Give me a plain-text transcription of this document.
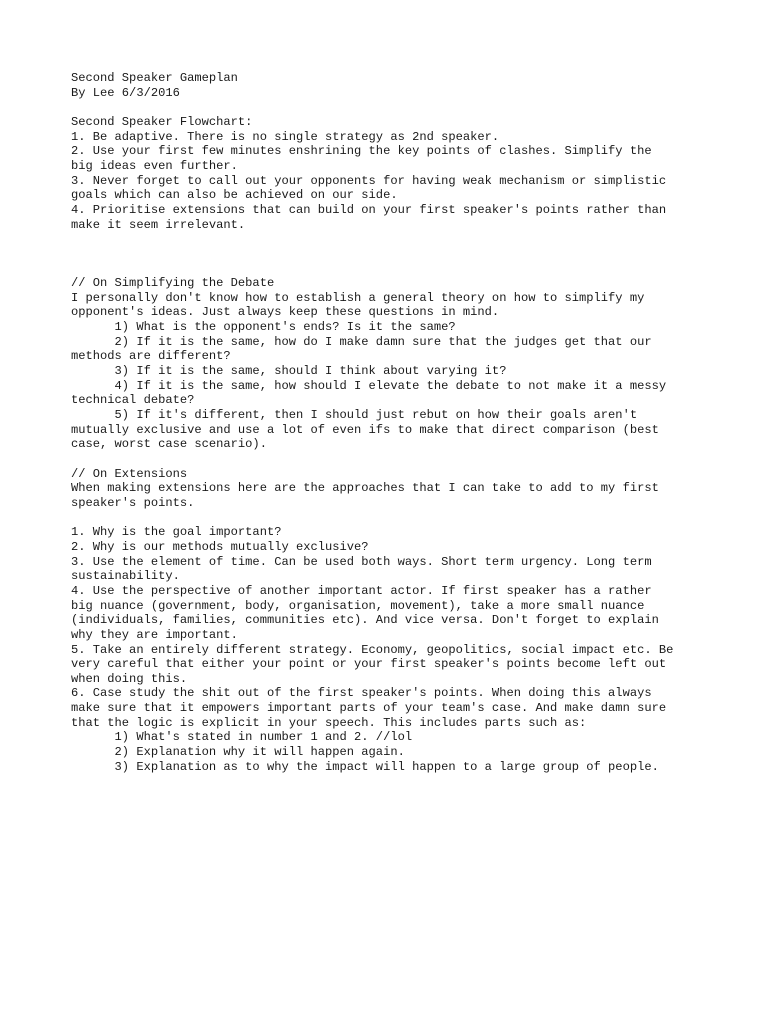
Second Speaker Gameplan
By Lee 6/3/2016
Second Speaker Flowchart:
1. Be adaptive. There is no single strategy as 2nd speaker.
2. Use your first few minutes enshrining the key points of clashes. Simplify the
big ideas even further.
3. Never forget to call out your opponents for having weak mechanism or simplistic
goals which can also be achieved on our side.
4. Prioritise extensions that can build on your first speaker's points rather than
make it seem irrelevant.
// On Simplifying the Debate
I personally don't know how to establish a general theory on how to simplify my
opponent's ideas. Just always keep these questions in mind.
1) What is the opponent's ends? Is it the same?
2) If it is the same, how do I make damn sure that the judges get that our
methods are different?
3) If it is the same, should I think about varying it?
4) If it is the same, how should I elevate the debate to not make it a messy
technical debate?
5) If it's different, then I should just rebut on how their goals aren't
mutually exclusive and use a lot of even ifs to make that direct comparison (best
case, worst case scenario).
// On Extensions
When making extensions here are the approaches that I can take to add to my first
speaker's points.
1. Why is the goal important?
2. Why is our methods mutually exclusive?
3. Use the element of time. Can be used both ways. Short term urgency. Long term
sustainability.
4. Use the perspective of another important actor. If first speaker has a rather
big nuance (government, body, organisation, movement), take a more small nuance
(individuals, families, communities etc). And vice versa. Don't forget to explain
why they are important.
5. Take an entirely different strategy. Economy, geopolitics, social impact etc. Be
very careful that either your point or your first speaker's points become left out
when doing this.
6. Case study the shit out of the first speaker's points. When doing this always
make sure that it empowers important parts of your team's case. And make damn sure
that the logic is explicit in your speech. This includes parts such as:
1) What's stated in number 1 and 2. //lol
2) Explanation why it will happen again.
3) Explanation as to why the impact will happen to a large group of people.
